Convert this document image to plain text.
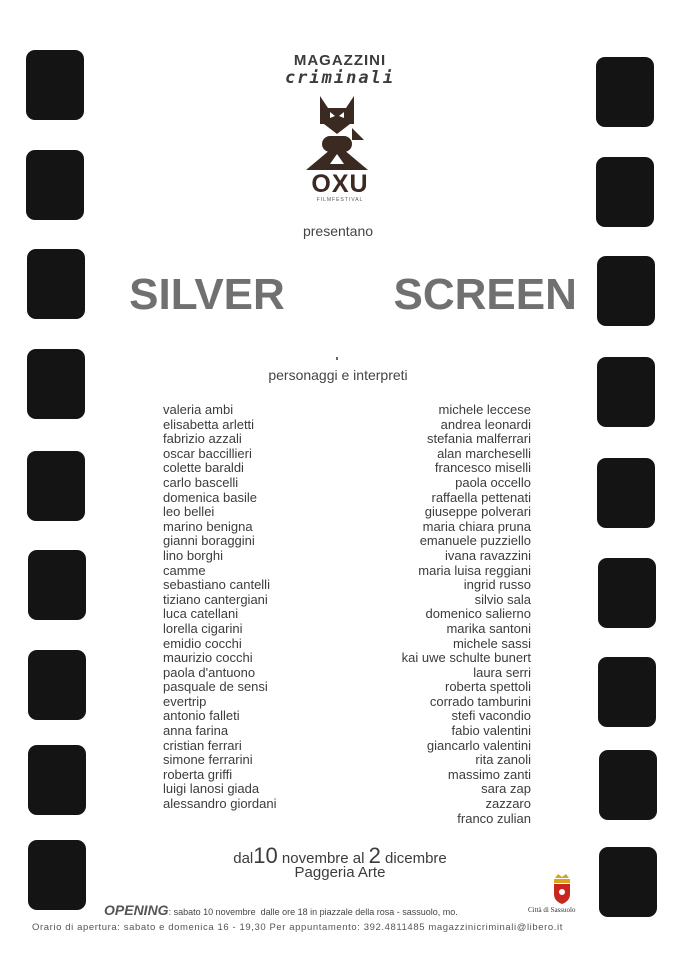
MAGAZZINI
criminali
OXU
FILMFESTIVAL
presentano
SILVER   SCREEN
personaggi e interpreti
valeria ambi
elisabetta arletti
fabrizio azzali
oscar baccillieri
colette baraldi
carlo bascelli
domenica basile
leo bellei
marino benigna
gianni boraggini
lino borghi
camme
sebastiano cantelli
tiziano cantergiani
luca catellani
lorella cigarini
emidio cocchi
maurizio cocchi
paola d'antuono
pasquale de sensi
evertrip
antonio falleti
anna farina
cristian ferrari
simone ferrarini
roberta griffi
luigi lanosi giada
alessandro giordani
michele leccese
andrea leonardi
stefania malferrari
alan marcheselli
francesco miselli
paola occello
raffaella pettenati
giuseppe polverari
maria chiara pruna
emanuele puzziello
ivana ravazzini
maria luisa reggiani
ingrid russo
silvio sala
domenico salierno
marika santoni
michele sassi
kai uwe schulte bunert
laura serri
roberta spettoli
corrado tamburini
stefi vacondio
fabio valentini
giancarlo valentini
rita zanoli
massimo zanti
sara zap
zazzaro
franco zulian
dal10 novembre al 2 dicembre
Paggeria Arte
OPENING: sabato 10 novembre  dalle ore 18 in piazzale della rosa - sassuolo, mo.	Città di Sassuolo
Orario di apertura: sabato e domenica 16 - 19,30 Per appuntamento: 392.4811485 magazzinicriminali@libero.it
